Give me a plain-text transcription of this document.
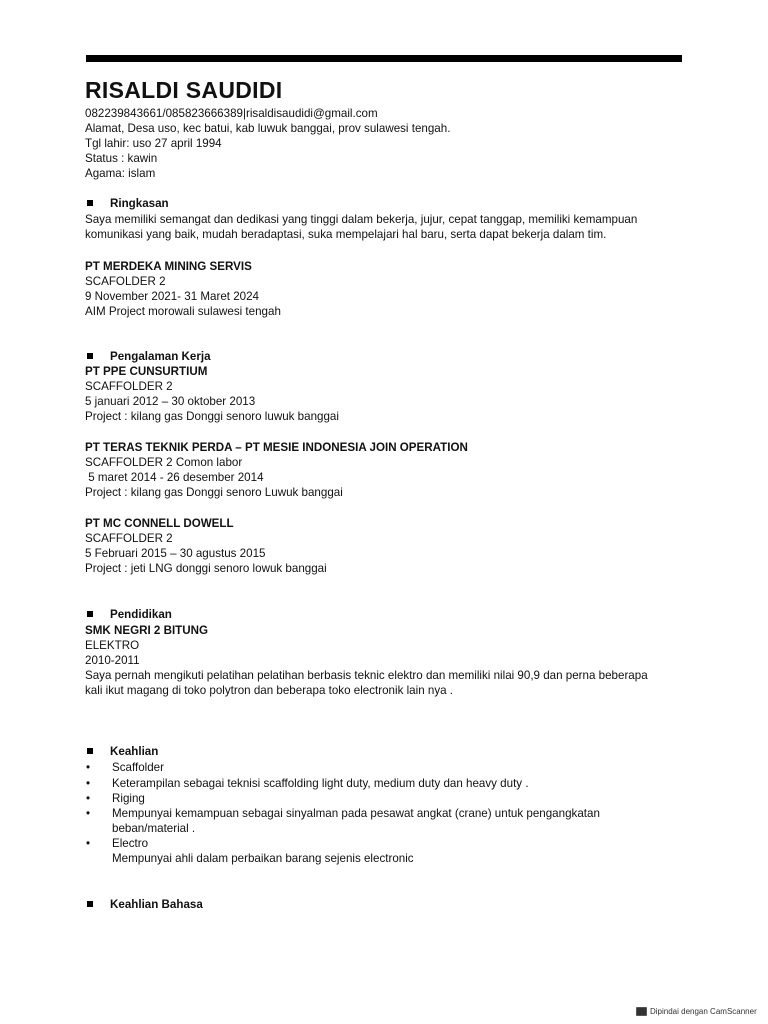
RISALDI SAUDIDI
082239843661/085823666389|risaldisaudidi@gmail.com
Alamat, Desa uso, kec batui, kab luwuk banggai, prov sulawesi tengah.
Tgl lahir: uso 27 april 1994
Status : kawin
Agama: islam
Ringkasan
Saya memiliki semangat dan dedikasi yang tinggi dalam bekerja, jujur, cepat tanggap, memiliki kemampuan
komunikasi yang baik, mudah beradaptasi, suka mempelajari hal baru, serta dapat bekerja dalam tim.
PT MERDEKA MINING SERVIS
SCAFOLDER 2
9 November 2021- 31 Maret 2024
AIM Project morowali sulawesi tengah
Pengalaman Kerja
PT PPE CUNSURTIUM
SCAFFOLDER 2
5 januari 2012 – 30 oktober 2013
Project : kilang gas Donggi senoro luwuk banggai
PT TERAS TEKNIK PERDA – PT MESIE INDONESIA JOIN OPERATION
SCAFFOLDER 2 Comon labor
5 maret 2014 - 26 desember 2014
Project : kilang gas Donggi senoro Luwuk banggai
PT MC CONNELL DOWELL
SCAFFOLDER 2
5 Februari 2015 – 30 agustus 2015
Project : jeti LNG donggi senoro lowuk banggai
Pendidikan
SMK NEGRI 2 BITUNG
ELEKTRO
2010-2011
Saya pernah mengikuti pelatihan pelatihan berbasis teknic elektro dan memiliki nilai 90,9 dan perna beberapa
kali ikut magang di toko polytron dan beberapa toko electronik lain nya .
Keahlian
• Scaffolder
• Keterampilan sebagai teknisi scaffolding light duty, medium duty dan heavy duty .
• Riging
• Mempunyai kemampuan sebagai sinyalman pada pesawat angkat (crane) untuk pengangkatan
beban/material .
• Electro
Mempunyai ahli dalam perbaikan barang sejenis electronic
Keahlian Bahasa
Dipindai dengan CamScanner
